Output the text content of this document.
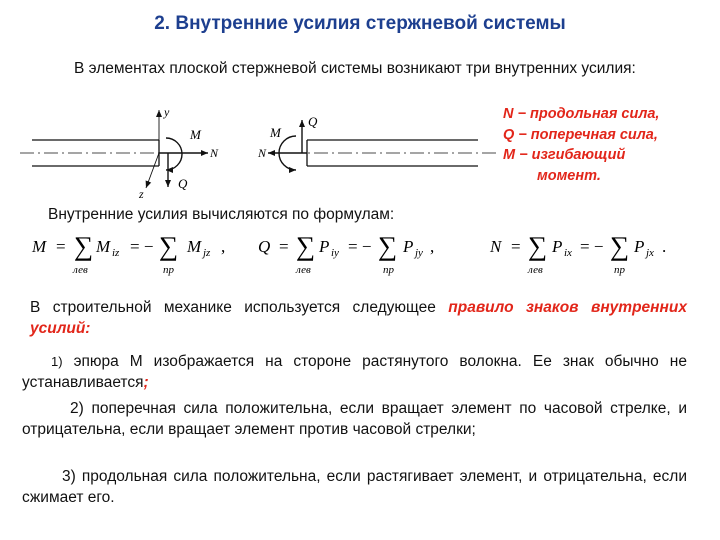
2. Внутренние усилия стержневой системы
В элементах плоской стержневой системы возникают три внутренних усилия:
y
M
N
z
Q
M
Q
N
N − продольная сила,
Q − поперечная сила,
M − изгибающий
момент.
Внутренние усилия вычисляются по формулам:
M = ∑ M iz
лев
= − ∑ M jz
пр
, Q = ∑ P iy
лев
= − ∑ P jy
пр
,	N = ∑ P ix
лев
= − ∑ P jx
пр
.
В строительной механике используется следующее правило знаков внутренних усилий:
1) эпюра М изображается на стороне растянутого волокна. Ее знак обычно не устанавливается;
2) поперечная сила положительна, если вращает элемент по часовой стрелке, и отрицательна, если вращает элемент против часовой стрелки;
3) продольная сила положительна, если растягивает элемент, и отрицательна, если сжимает его.
